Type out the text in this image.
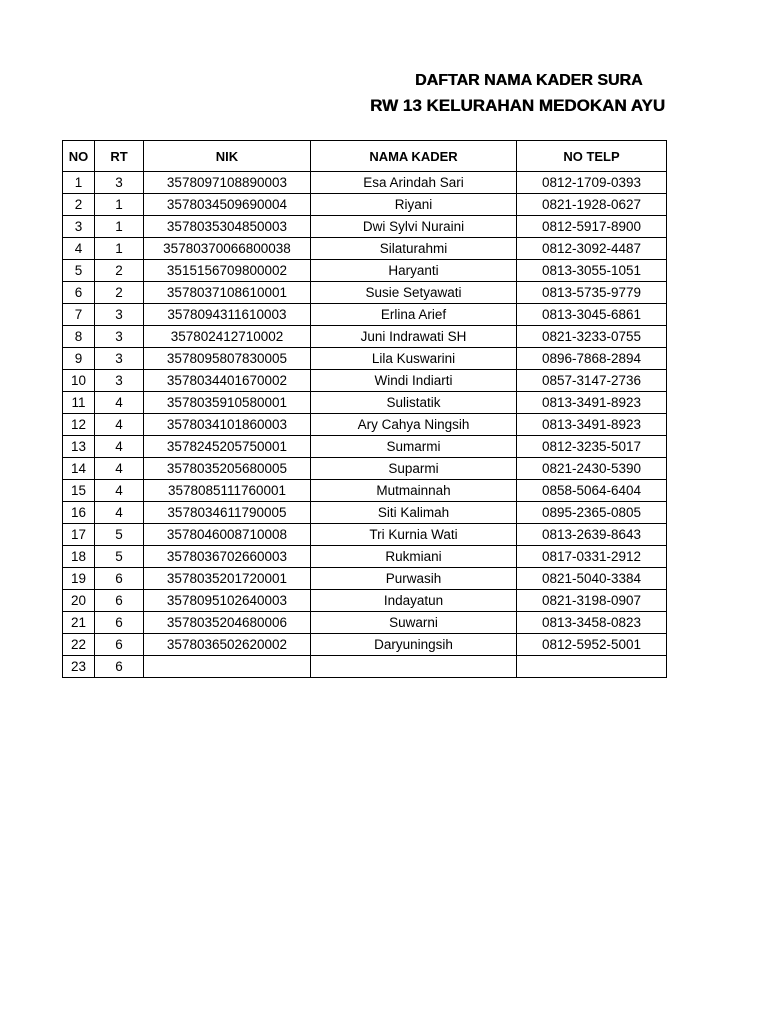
DAFTAR NAMA KADER SURA
RW 13 KELURAHAN MEDOKAN AYU
NO	RT	NIK	NAMA KADER	NO TELP
1	3	3578097108890003	Esa Arindah Sari	0812-1709-0393
2	1	3578034509690004	Riyani	0821-1928-0627
3	1	3578035304850003	Dwi Sylvi Nuraini	0812-5917-8900
4	1	35780370066800038	Silaturahmi	0812-3092-4487
5	2	3515156709800002	Haryanti	0813-3055-1051
6	2	3578037108610001	Susie Setyawati	0813-5735-9779
7	3	3578094311610003	Erlina Arief	0813-3045-6861
8	3	357802412710002	Juni Indrawati SH	0821-3233-0755
9	3	3578095807830005	Lila Kuswarini	0896-7868-2894
10	3	3578034401670002	Windi Indiarti	0857-3147-2736
11	4	3578035910580001	Sulistatik	0813-3491-8923
12	4	3578034101860003	Ary Cahya Ningsih	0813-3491-8923
13	4	3578245205750001	Sumarmi	0812-3235-5017
14	4	3578035205680005	Suparmi	0821-2430-5390
15	4	3578085111760001	Mutmainnah	0858-5064-6404
16	4	3578034611790005	Siti Kalimah	0895-2365-0805
17	5	3578046008710008	Tri Kurnia Wati	0813-2639-8643
18	5	3578036702660003	Rukmiani	0817-0331-2912
19	6	3578035201720001	Purwasih	0821-5040-3384
20	6	3578095102640003	Indayatun	0821-3198-0907
21	6	3578035204680006	Suwarni	0813-3458-0823
22	6	3578036502620002	Daryuningsih	0812-5952-5001
23	6			
